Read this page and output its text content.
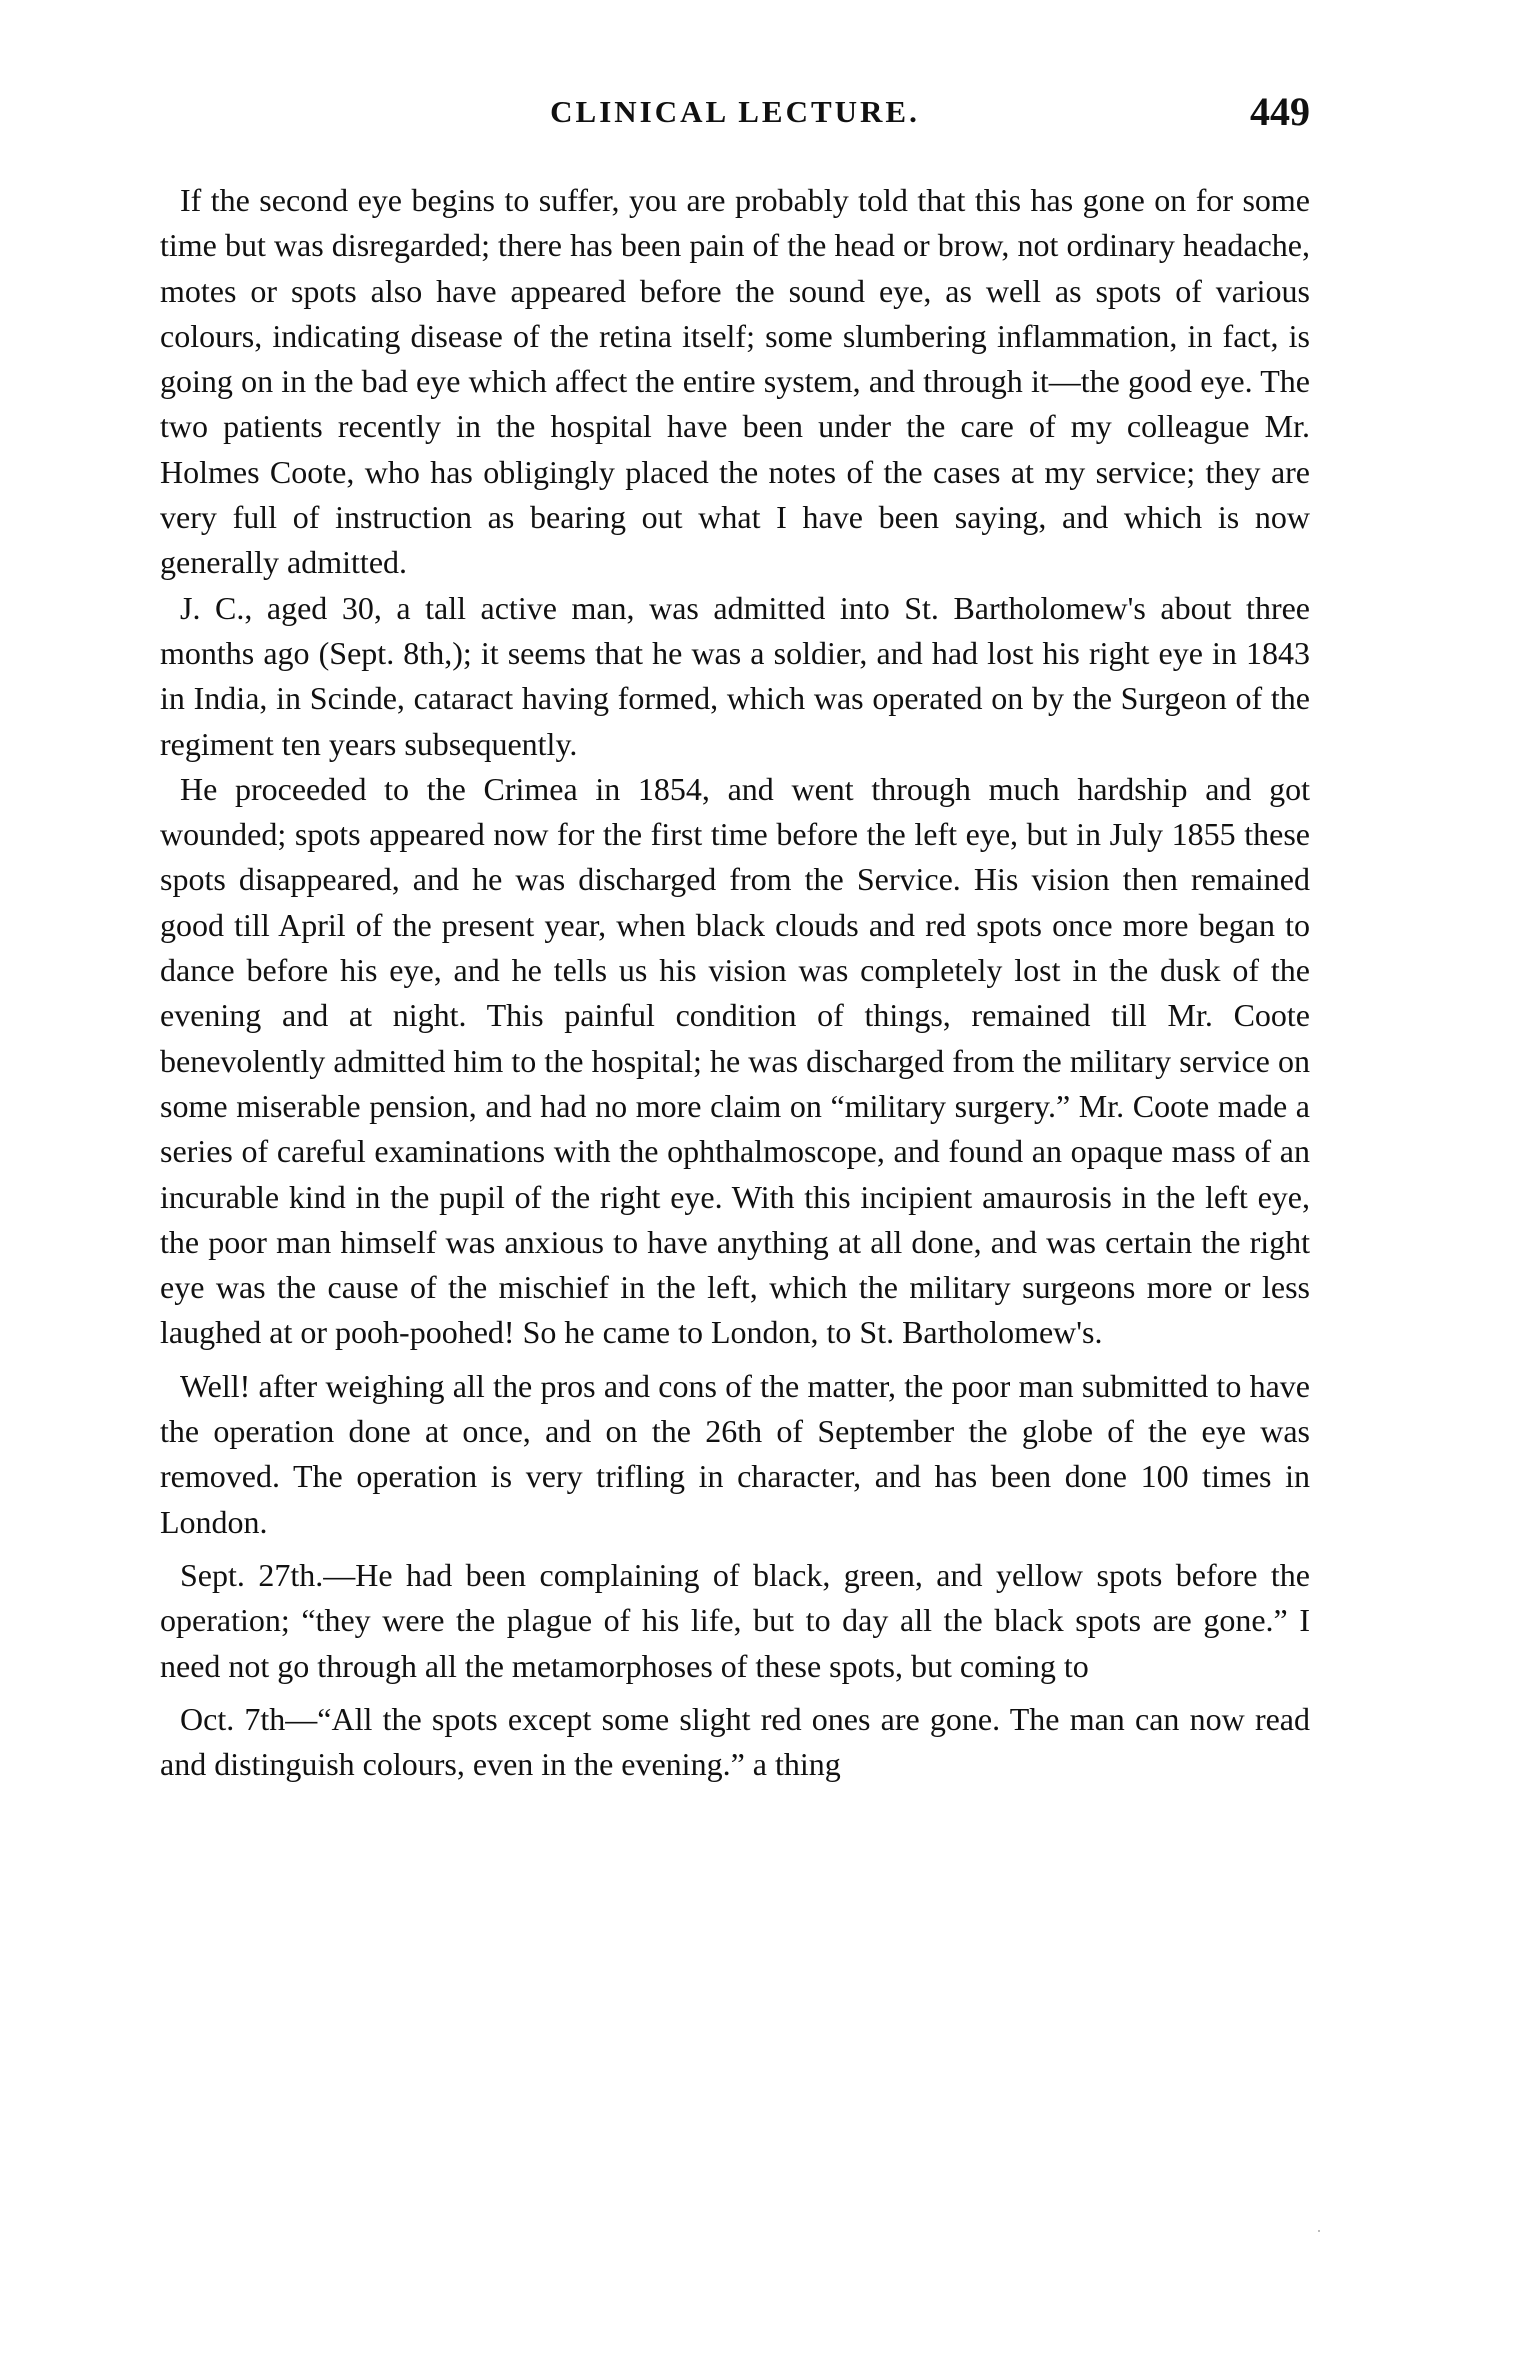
CLINICAL LECTURE.	449

If the second eye begins to suffer, you are probably told that this has gone on for some time but was disregarded; there has been pain of the head or brow, not ordinary headache, motes or spots also have appeared before the sound eye, as well as spots of various colours, indicating disease of the retina itself; some slumbering inflammation, in fact, is going on in the bad eye which affect the entire system, and through it—the good eye. The two patients recently in the hospital have been under the care of my colleague Mr. Holmes Coote, who has obligingly placed the notes of the cases at my service; they are very full of instruction as bearing out what I have been saying, and which is now generally admitted.

J. C., aged 30, a tall active man, was admitted into St. Bartholomew's about three months ago (Sept. 8th,); it seems that he was a soldier, and had lost his right eye in 1843 in India, in Scinde, cataract having formed, which was operated on by the Surgeon of the regiment ten years subsequently.

He proceeded to the Crimea in 1854, and went through much hardship and got wounded; spots appeared now for the first time before the left eye, but in July 1855 these spots disappeared, and he was discharged from the Service. His vision then remained good till April of the present year, when black clouds and red spots once more began to dance before his eye, and he tells us his vision was completely lost in the dusk of the evening and at night. This painful condition of things, remained till Mr. Coote benevolently admitted him to the hospital; he was discharged from the military service on some miserable pension, and had no more claim on “military surgery.” Mr. Coote made a series of careful examinations with the ophthalmoscope, and found an opaque mass of an incurable kind in the pupil of the right eye. With this incipient amaurosis in the left eye, the poor man himself was anxious to have anything at all done, and was certain the right eye was the cause of the mischief in the left, which the military surgeons more or less laughed at or pooh-poohed! So he came to London, to St. Bartholomew's.

Well! after weighing all the pros and cons of the matter, the poor man submitted to have the operation done at once, and on the 26th of September the globe of the eye was removed. The operation is very trifling in character, and has been done 100 times in London.

Sept. 27th.—He had been complaining of black, green, and yellow spots before the operation; “they were the plague of his life, but to day all the black spots are gone.” I need not go through all the metamorphoses of these spots, but coming to

Oct. 7th—“All the spots except some slight red ones are gone. The man can now read and distinguish colours, even in the evening.” a thing
